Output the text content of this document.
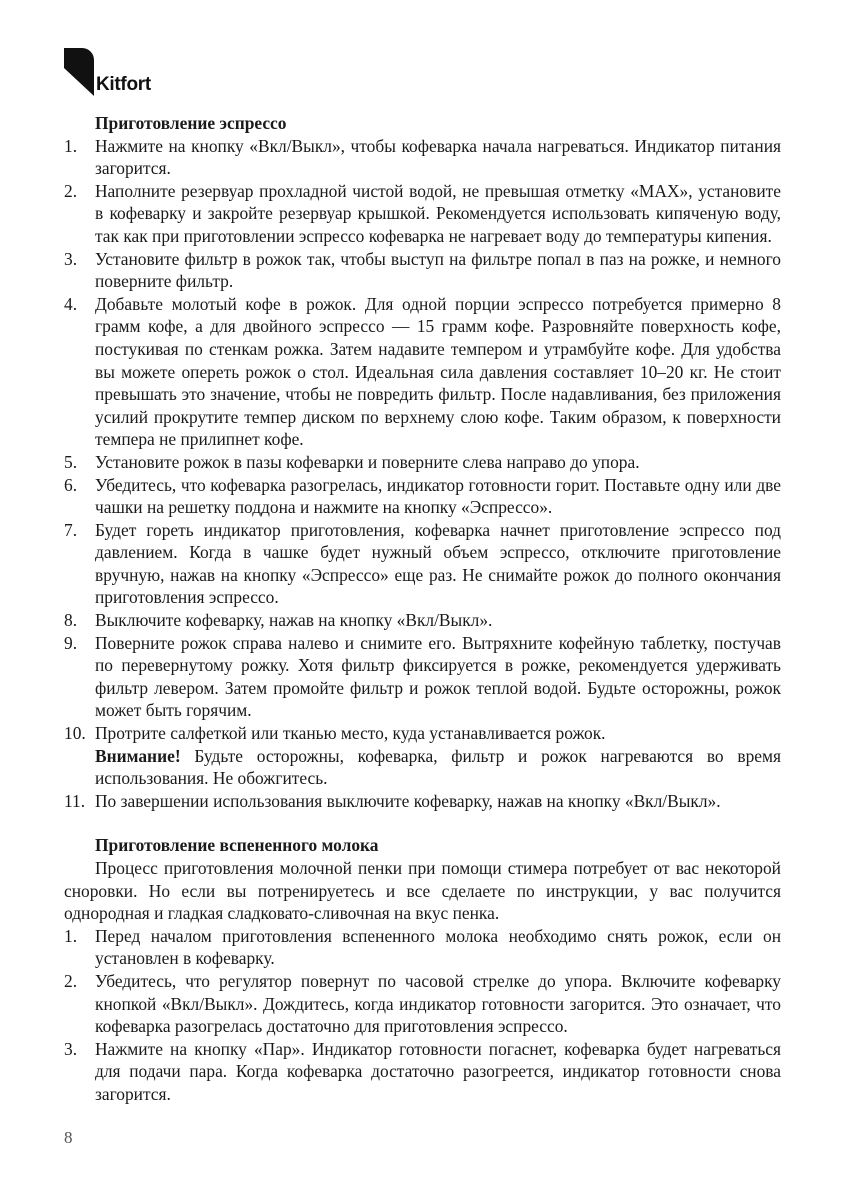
Kitfort
Приготовление эспрессо
1. Нажмите на кнопку «Вкл/Выкл», чтобы кофеварка начала нагреваться. Индикатор питания загорится.
2. Наполните резервуар прохладной чистой водой, не превышая отметку «MAX», установите в кофеварку и закройте резервуар крышкой. Рекомендуется использовать кипяченую воду, так как при приготовлении эспрессо кофеварка не нагревает воду до температуры кипения.
3. Установите фильтр в рожок так, чтобы выступ на фильтре попал в паз на рожке, и немного поверните фильтр.
4. Добавьте молотый кофе в рожок. Для одной порции эспрессо потребуется примерно 8 грамм кофе, а для двойного эспрессо — 15 грамм кофе. Разровняйте поверхность кофе, постукивая по стенкам рожка. Затем надавите темпером и утрамбуйте кофе. Для удобства вы можете опереть рожок о стол. Идеальная сила давления составляет 10–20 кг. Не стоит превышать это значение, чтобы не повредить фильтр. После надавливания, без приложения усилий прокрутите темпер диском по верхнему слою кофе. Таким образом, к поверхности темпера не прилипнет кофе.
5. Установите рожок в пазы кофеварки и поверните слева направо до упора.
6. Убедитесь, что кофеварка разогрелась, индикатор готовности горит. Поставьте одну или две чашки на решетку поддона и нажмите на кнопку «Эспрессо».
7. Будет гореть индикатор приготовления, кофеварка начнет приготовление эспрессо под давлением. Когда в чашке будет нужный объем эспрессо, отключите приготовление вручную, нажав на кнопку «Эспрессо» еще раз. Не снимайте рожок до полного окончания приготовления эспрессо.
8. Выключите кофеварку, нажав на кнопку «Вкл/Выкл».
9. Поверните рожок справа налево и снимите его. Вытряхните кофейную таблетку, постучав по перевернутому рожку. Хотя фильтр фиксируется в рожке, рекомендуется удерживать фильтр левером. Затем промойте фильтр и рожок теплой водой. Будьте осторожны, рожок может быть горячим.
10. Протрите салфеткой или тканью место, куда устанавливается рожок.
Внимание! Будьте осторожны, кофеварка, фильтр и рожок нагреваются во время использования. Не обожгитесь.
11. По завершении использования выключите кофеварку, нажав на кнопку «Вкл/Выкл».
Приготовление вспененного молока

Процесс приготовления молочной пенки при помощи стимера потребует от вас некоторой сноровки. Но если вы потренируетесь и все сделаете по инструкции, у вас получится однородная и гладкая сладковато-сливочная на вкус пенка.

1. Перед началом приготовления вспененного молока необходимо снять рожок, если он установлен в кофеварку.
2. Убедитесь, что регулятор повернут по часовой стрелке до упора. Включите кофеварку кнопкой «Вкл/Выкл». Дождитесь, когда индикатор готовности загорится. Это означает, что кофеварка разогрелась достаточно для приготовления эспрессо.
3. Нажмите на кнопку «Пар». Индикатор готовности погаснет, кофеварка будет нагреваться для подачи пара. Когда кофеварка достаточно разогреется, индикатор готовности снова загорится.
8
